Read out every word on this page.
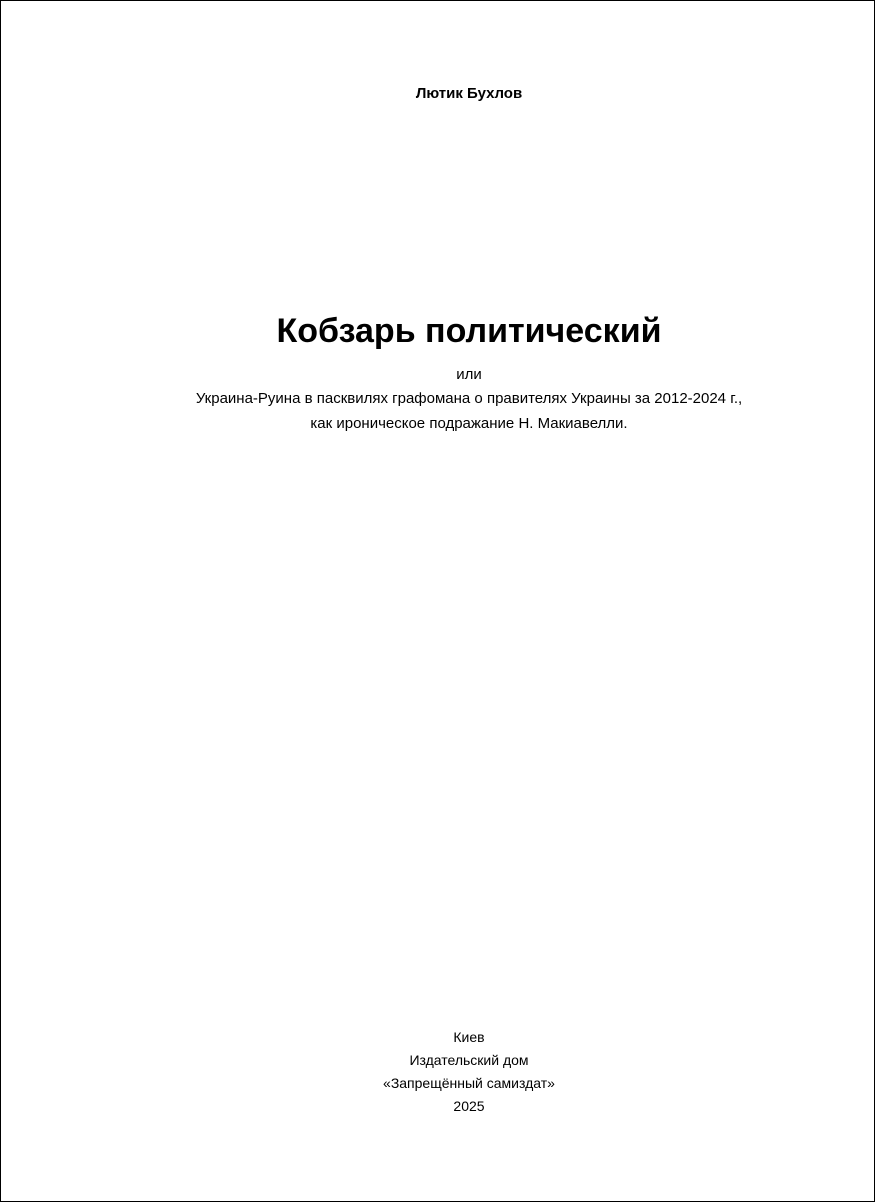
Лютик Бухлов
Кобзарь политический
или
Украина-Руина в пасквилях графомана о правителях Украины за 2012-2024 г.,
как ироническое подражание Н. Макиавелли.
Киев
Издательский дом
«Запрещённый самиздат»
2025
